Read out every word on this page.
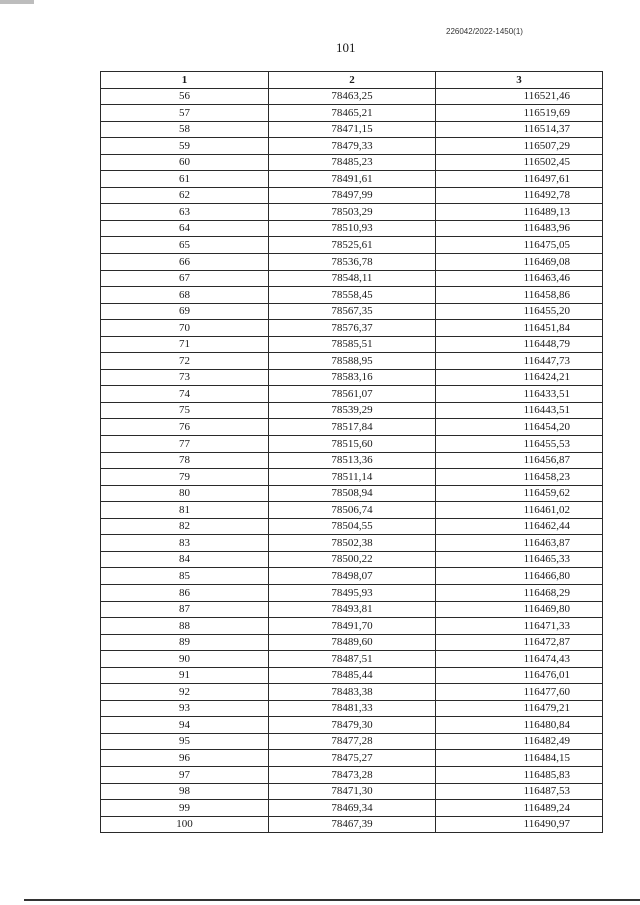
226042/2022-1450(1)
101
1	2	3
56	78463,25	116521,46
57	78465,21	116519,69
58	78471,15	116514,37
59	78479,33	116507,29
60	78485,23	116502,45
61	78491,61	116497,61
62	78497,99	116492,78
63	78503,29	116489,13
64	78510,93	116483,96
65	78525,61	116475,05
66	78536,78	116469,08
67	78548,11	116463,46
68	78558,45	116458,86
69	78567,35	116455,20
70	78576,37	116451,84
71	78585,51	116448,79
72	78588,95	116447,73
73	78583,16	116424,21
74	78561,07	116433,51
75	78539,29	116443,51
76	78517,84	116454,20
77	78515,60	116455,53
78	78513,36	116456,87
79	78511,14	116458,23
80	78508,94	116459,62
81	78506,74	116461,02
82	78504,55	116462,44
83	78502,38	116463,87
84	78500,22	116465,33
85	78498,07	116466,80
86	78495,93	116468,29
87	78493,81	116469,80
88	78491,70	116471,33
89	78489,60	116472,87
90	78487,51	116474,43
91	78485,44	116476,01
92	78483,38	116477,60
93	78481,33	116479,21
94	78479,30	116480,84
95	78477,28	116482,49
96	78475,27	116484,15
97	78473,28	116485,83
98	78471,30	116487,53
99	78469,34	116489,24
100	78467,39	116490,97
